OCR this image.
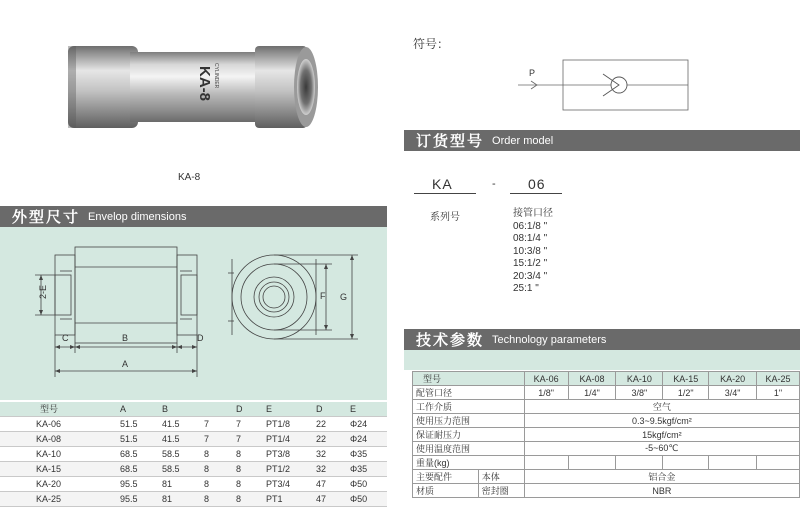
KA-8 CYLINDER
KA-8
符号：
P
订货型号 Order model
KA	- 06
系列号	接管口径
06:1/8 "
08:1/4 "
10:3/8 "
15:1/2 "
20:3/4 "
25:1 "
外型尺寸 Envelop dimensions
C	B	D
A
2-E	F G
型号	A	B		D	E	D	E
KA-06	51.5	41.5	7	7	PT1/8	22	Φ24
KA-08	51.5	41.5	7	7	PT1/4	22	Φ24
KA-10	68.5	58.5	8	8	PT3/8	32	Φ35
KA-15	68.5	58.5	8	8	PT1/2	32	Φ35
KA-20	95.5	81	8	8	PT3/4	47	Φ50
KA-25	95.5	81	8	8	PT1	47	Φ50
技术参数 Technology parameters
型号		KA-06	KA-08	KA-10	KA-15	KA-20	KA-25
配管口径		1/8"	1/4"	3/8"	1/2"	3/4"	1"
工作介质		空气					
使用压力范围		0.3~9.5kgf/cm²					
保证耐压力		15kgf/cm²					
使用温度范围		-5~60℃					
重量(kg)							
主要配件	本体	铝合金					
材质	密封圈	NBR					
